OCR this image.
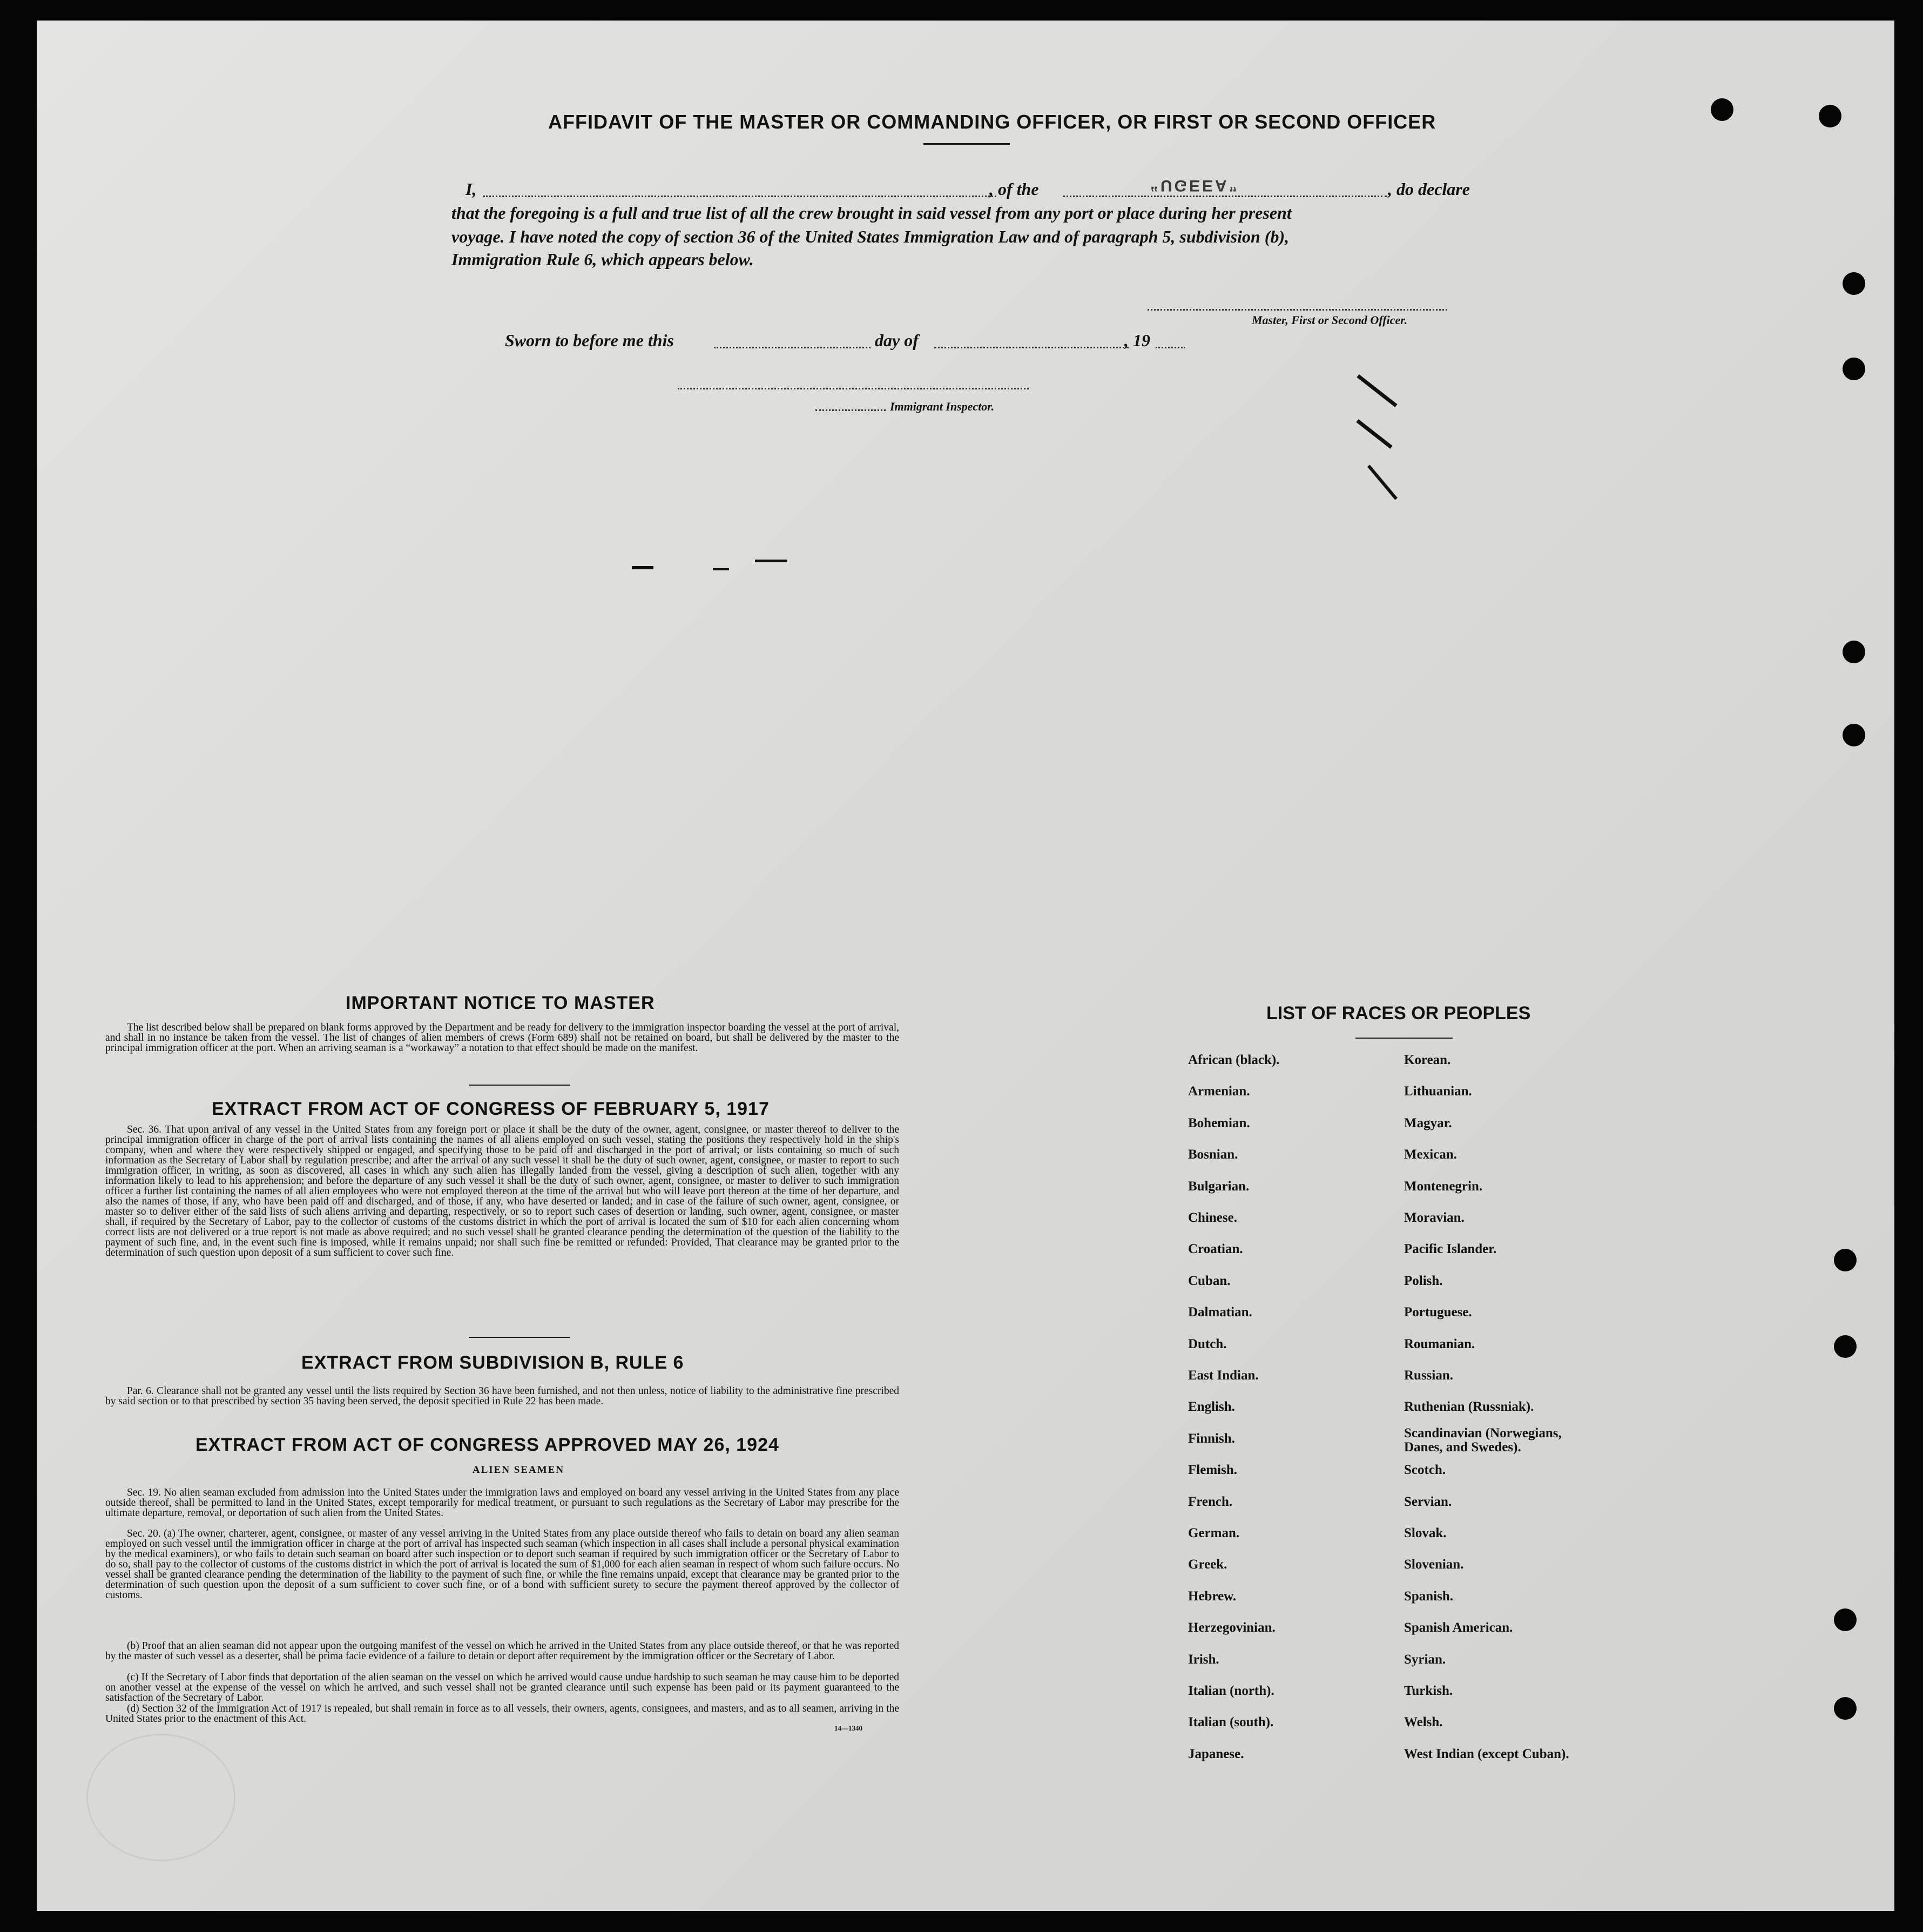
AFFIDAVIT OF THE MASTER OR COMMANDING OFFICER, OR FIRST OR SECOND OFFICER
I,	, of the	“UGEEA”	, do declare
that the foregoing is a full and true list of all the crew brought in said vessel from any port or place during her present
voyage. I have noted the copy of section 36 of the United States Immigration Law and of paragraph 5, subdivision (b),
Immigration Rule 6, which appears below.
Master, First or Second Officer.
Sworn to before me this	day of	, 19
Immigrant Inspector.
IMPORTANT NOTICE TO MASTER

The list described below shall be prepared on blank forms approved by the Department and be ready for delivery to the immigration inspector boarding the vessel at the port of arrival, and shall in no instance be taken from the vessel. The list of changes of alien members of crews (Form 689) shall not be retained on board, but shall be delivered by the master to the principal immigration officer at the port. When an arriving seaman is a “workaway” a notation to that effect should be made on the manifest.

EXTRACT FROM ACT OF CONGRESS OF FEBRUARY 5, 1917

Sec. 36. That upon arrival of any vessel in the United States from any foreign port or place it shall be the duty of the owner, agent, consignee, or master thereof to deliver to the principal immigration officer in charge of the port of arrival lists containing the names of all aliens employed on such vessel, stating the positions they respectively hold in the ship's company, when and where they were respectively shipped or engaged, and specifying those to be paid off and discharged in the port of arrival; or lists containing so much of such information as the Secretary of Labor shall by regulation prescribe; and after the arrival of any such vessel it shall be the duty of such owner, agent, consignee, or master to report to such immigration officer, in writing, as soon as discovered, all cases in which any such alien has illegally landed from the vessel, giving a description of such alien, together with any information likely to lead to his apprehension; and before the departure of any such vessel it shall be the duty of such owner, agent, consignee, or master to deliver to such immigration officer a further list containing the names of all alien employees who were not employed thereon at the time of the arrival but who will leave port thereon at the time of her departure, and also the names of those, if any, who have been paid off and discharged, and of those, if any, who have deserted or landed; and in case of the failure of such owner, agent, consignee, or master so to deliver either of the said lists of such aliens arriving and departing, respectively, or so to report such cases of desertion or landing, such owner, agent, consignee, or master shall, if required by the Secretary of Labor, pay to the collector of customs of the customs district in which the port of arrival is located the sum of $10 for each alien concerning whom correct lists are not delivered or a true report is not made as above required; and no such vessel shall be granted clearance pending the determination of the question of the liability to the payment of such fine, and, in the event such fine is imposed, while it remains unpaid; nor shall such fine be remitted or refunded: Provided, That clearance may be granted prior to the determination of such question upon deposit of a sum sufficient to cover such fine.

EXTRACT FROM SUBDIVISION B, RULE 6

Par. 6. Clearance shall not be granted any vessel until the lists required by Section 36 have been furnished, and not then unless, notice of liability to the administrative fine prescribed by said section or to that prescribed by section 35 having been served, the deposit specified in Rule 22 has been made.

EXTRACT FROM ACT OF CONGRESS APPROVED MAY 26, 1924
ALIEN SEAMEN

Sec. 19. No alien seaman excluded from admission into the United States under the immigration laws and employed on board any vessel arriving in the United States from any place outside thereof, shall be permitted to land in the United States, except temporarily for medical treatment, or pursuant to such regulations as the Secretary of Labor may prescribe for the ultimate departure, removal, or deportation of such alien from the United States.

Sec. 20. (a) The owner, charterer, agent, consignee, or master of any vessel arriving in the United States from any place outside thereof who fails to detain on board any alien seaman employed on such vessel until the immigration officer in charge at the port of arrival has inspected such seaman (which inspection in all cases shall include a personal physical examination by the medical examiners), or who fails to detain such seaman on board after such inspection or to deport such seaman if required by such immigration officer or the Secretary of Labor to do so, shall pay to the collector of customs of the customs district in which the port of arrival is located the sum of $1,000 for each alien seaman in respect of whom such failure occurs. No vessel shall be granted clearance pending the determination of the liability to the payment of such fine, or while the fine remains unpaid, except that clearance may be granted prior to the determination of such question upon the deposit of a sum sufficient to cover such fine, or of a bond with sufficient surety to secure the payment thereof approved by the collector of customs.

(b) Proof that an alien seaman did not appear upon the outgoing manifest of the vessel on which he arrived in the United States from any place outside thereof, or that he was reported by the master of such vessel as a deserter, shall be prima facie evidence of a failure to detain or deport after requirement by the immigration officer or the Secretary of Labor.

(c) If the Secretary of Labor finds that deportation of the alien seaman on the vessel on which he arrived would cause undue hardship to such seaman he may cause him to be deported on another vessel at the expense of the vessel on which he arrived, and such vessel shall not be granted clearance until such expense has been paid or its payment guaranteed to the satisfaction of the Secretary of Labor.

(d) Section 32 of the Immigration Act of 1917 is repealed, but shall remain in force as to all vessels, their owners, agents, consignees, and masters, and as to all seamen, arriving in the United States prior to the enactment of this Act.

14—1340
LIST OF RACES OR PEOPLES
African (black).
Armenian.
Bohemian.
Bosnian.
Bulgarian.
Chinese.
Croatian.
Cuban.
Dalmatian.
Dutch.
East Indian.
English.
Finnish.
Flemish.
French.
German.
Greek.
Hebrew.
Herzegovinian.
Irish.
Italian (north).
Italian (south).
Japanese.
Korean.
Lithuanian.
Magyar.
Mexican.
Montenegrin.
Moravian.
Pacific Islander.
Polish.
Portuguese.
Roumanian.
Russian.
Ruthenian (Russniak).
Scandinavian (Norwegians, Danes, and Swedes).
Scotch.
Servian.
Slovak.
Slovenian.
Spanish.
Spanish American.
Syrian.
Turkish.
Welsh.
West Indian (except Cuban).
